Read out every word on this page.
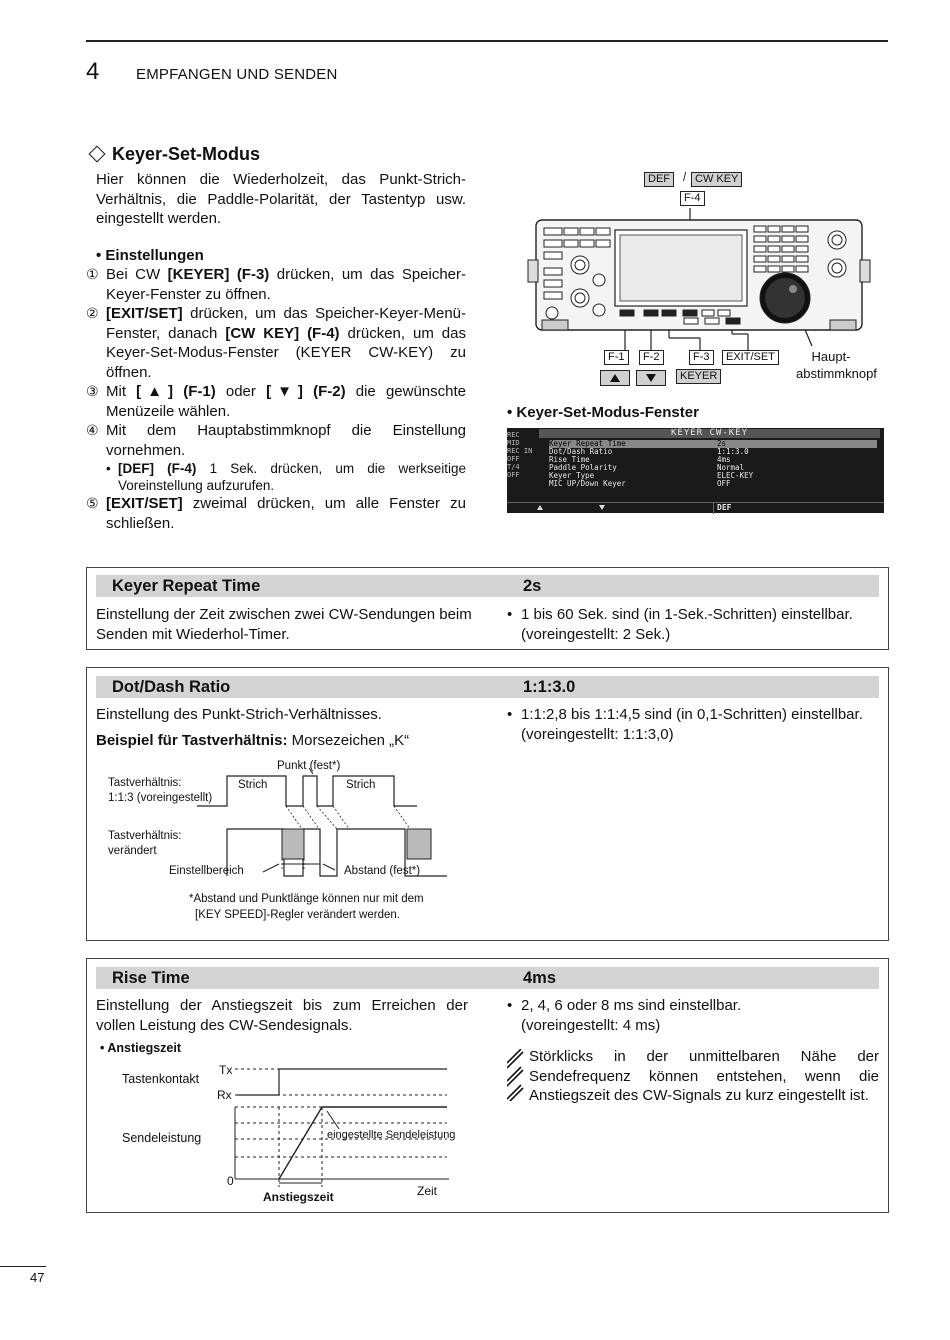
4 EMPFANGEN UND SENDEN
Keyer-Set-Modus
Hier können die Wiederholzeit, das Punkt-Strich-Verhältnis, die Paddle-Polarität, der Tastentyp usw. eingestellt werden.
• Einstellungen
① Bei CW [KEYER] (F-3) drücken, um das Speicher-Keyer-Fenster zu öffnen.
② [EXIT/SET] drücken, um das Speicher-Keyer-Menü-Fenster, danach [CW KEY] (F-4) drücken, um das Keyer-Set-Modus-Fenster (KEYER CW-KEY) zu öffnen.
③ Mit [▲] (F-1) oder [▼] (F-2) die gewünschte Menüzeile wählen.
④ Mit dem Hauptabstimmknopf die Einstellung vornehmen.
• [DEF] (F-4) 1 Sek. drücken, um die werkseitige Voreinstellung aufzurufen.
⑤ [EXIT/SET] zweimal drücken, um alle Fenster zu schließen.
DEF	/ CW KEY
F-4
F-1	F-2	F-3	EXIT/SET
KEYER
Haupt-
abstimmknopf
• Keyer-Set-Modus-Fenster
KEYER CW-KEY
REC
MID
REC IN
OFF
T/4
OFF
Keyer Repeat Time	2s
Dot/Dash Ratio	1:1:3.0
Rise Time	4ms
Paddle Polarity	Normal
Keyer Type	ELEC-KEY
MIC UP/Down Keyer	OFF
DEF
Keyer Repeat Time	2s
Einstellung der Zeit zwischen zwei CW-Sendungen beim Senden mit Wiederhol-Timer.
• 1 bis 60 Sek. sind (in 1-Sek.-Schritten) einstellbar.
(voreingestellt: 2 Sek.)
Dot/Dash Ratio	1:1:3.0
Einstellung des Punkt-Strich-Verhältnisses.
Beispiel für Tastverhältnis: Morsezeichen „K“
• 1:1:2,8 bis 1:1:4,5 sind (in 0,1-Schritten) einstellbar.
(voreingestellt: 1:1:3,0)
Punkt (fest*)
Tastverhältnis:
1:1:3 (voreingestellt)
Strich	Strich
Tastverhältnis:
verändert
Einstellbereich	Abstand (fest*)
*Abstand und Punktlänge können nur mit dem
[KEY SPEED]-Regler verändert werden.
Rise Time	4ms
Einstellung der Anstiegszeit bis zum Erreichen der vollen Leistung des CW-Sendesignals.
• 2, 4, 6 oder 8 ms sind einstellbar.
(voreingestellt: 4 ms)
Störklicks in der unmittelbaren Nähe der Sendefrequenz können entstehen, wenn die Anstiegszeit des CW-Signals zu kurz eingestellt ist.
• Anstiegszeit
Tastenkontakt
Tx
Rx
Sendeleistung	eingestellte Sendeleistung
0
Anstiegszeit	Zeit
47
